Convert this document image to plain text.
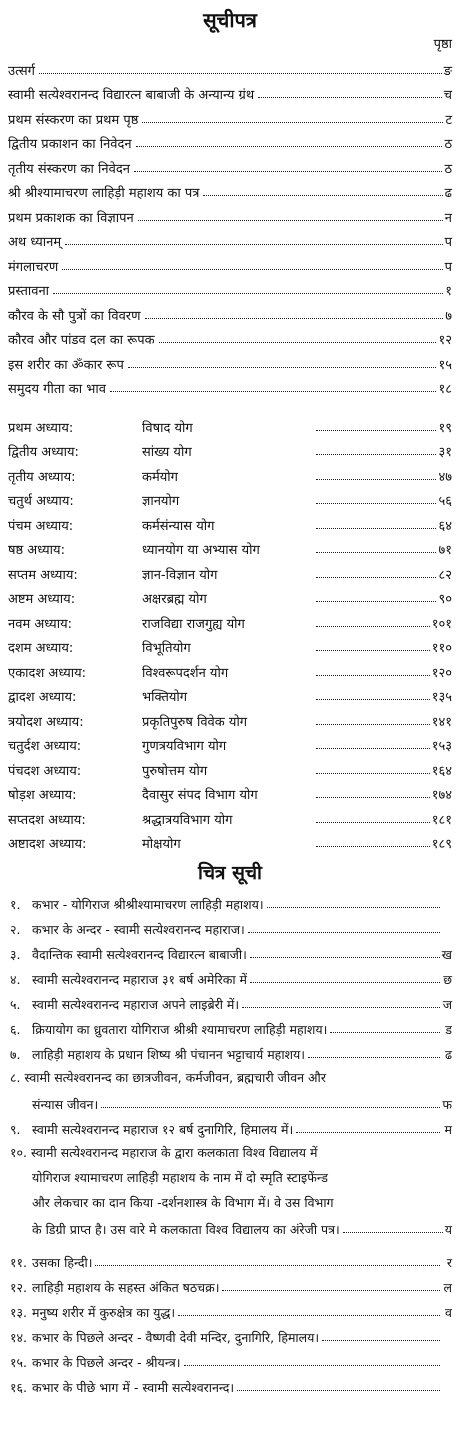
सूचीपत्र
पृष्ठा
उत्सर्ग	ङ
स्वामी सत्येश्वरानन्द विद्यारत्न बाबाजी के अन्यान्य ग्रंथ	च
प्रथम संस्करण का प्रथम पृष्ठ	ट
द्वितीय प्रकाशन का निवेदन	ठ
तृतीय संस्करण का निवेदन	ठ
श्री श्रीश्यामाचरण लाहिड़ी महाशय का पत्र	ढ
प्रथम प्रकाशक का विज्ञापन	न
अथ ध्यानम्	प
मंगलाचरण	प
प्रस्तावना	१
कौरव के सौ पुत्रों का विवरण	७
कौरव और पांडव दल का रूपक	१२
इस शरीर का ॐकार रूप	१५
समुदय गीता का भाव	१८
प्रथम अध्याय:	विषाद योग	१९
द्वितीय अध्याय:	सांख्य योग	३१
तृतीय अध्याय:	कर्मयोग	४७
चतुर्थ अध्याय:	ज्ञानयोग	५६
पंचम अध्याय:	कर्मसंन्यास योग	६४
षष्ठ अध्याय:	ध्यानयोग या अभ्यास योग	७१
सप्तम अध्याय:	ज्ञान-विज्ञान योग	८२
अष्टम अध्याय:	अक्षरब्रह्म योग	९०
नवम अध्याय:	राजविद्या राजगुह्य योग	१०१
दशम अध्याय:	विभूतियोग	११०
एकादश अध्याय:	विश्वरूपदर्शन योग	१२०
द्वादश अध्याय:	भक्तियोग	१३५
त्रयोदश अध्याय:	प्रकृतिपुरुष विवेक योग	१४१
चतुर्दश अध्याय:	गुणत्रयविभाग योग	१५३
पंचदश अध्याय:	पुरुषोत्तम योग	१६४
षोड़श अध्याय:	दैवासुर संपद विभाग योग	१७४
सप्तदश अध्याय:	श्रद्धात्रयविभाग योग	१८१
अष्टादश अध्याय:	मोक्षयोग	१८९
चित्र सूची
१. कभार - योगिराज श्रीश्रीश्यामाचरण लाहिड़ी महाशय।
२. कभार के अन्दर - स्वामी सत्येश्वरानन्द महाराज।
३. वैदान्तिक स्वामी सत्येश्वरानन्द विद्यारत्न बाबाजी।	ख
४. स्वामी सत्येश्वरानन्द महाराज ३१ बर्ष अमेरिका में	छ
५. स्वामी सत्येश्वरानन्द महाराज अपने लाइब्रेरी में।	ज
६. क्रियायोग का ध्रुवतारा योगिराज श्रीश्री श्यामाचरण लाहिड़ी महाशय।	ड
७. लाहिड़ी महाशय के प्रधान शिष्य श्री पंचानन भट्टाचार्य महाशय।	ढ
८. स्वामी सत्येश्वरानन्द का छात्रजीवन, कर्मजीवन, ब्रह्मचारी जीवन और
संन्यास जीवन।	फ
९. स्वामी सत्येश्वरानन्द महाराज १२ बर्ष दुनागिरि, हिमालय में।	म
१०. स्वामी सत्येश्वरानन्द महाराज के द्वारा कलकाता विश्व विद्यालय में
योगिराज श्यामाचरण लाहिड़ी महाशय के नाम में दो स्मृति स्टाइफेंन्ड
और लेकचार का दान किया -दर्शनशास्त्र के विभाग में। वे उस विभाग
के डिग्री प्राप्त है। उस वारे मे कलकाता विश्व विद्यालय का अंरेजी पत्र।	य
११. उसका हिन्दी।	र
१२. लाहिड़ी महाशय के सहस्त अंकित षठचक्र।	ल
१३. मनुष्य शरीर में कुरुक्षेत्र का युद्ध।	व
१४. कभार के पिछले अन्दर - वैष्णवी देवी मन्दिर, दुनागिरि, हिमालय।
१५. कभार के पिछले अन्दर - श्रीयन्त्र।
१६. कभार के पीछे भाग में - स्वामी सत्येश्वरानन्द।
